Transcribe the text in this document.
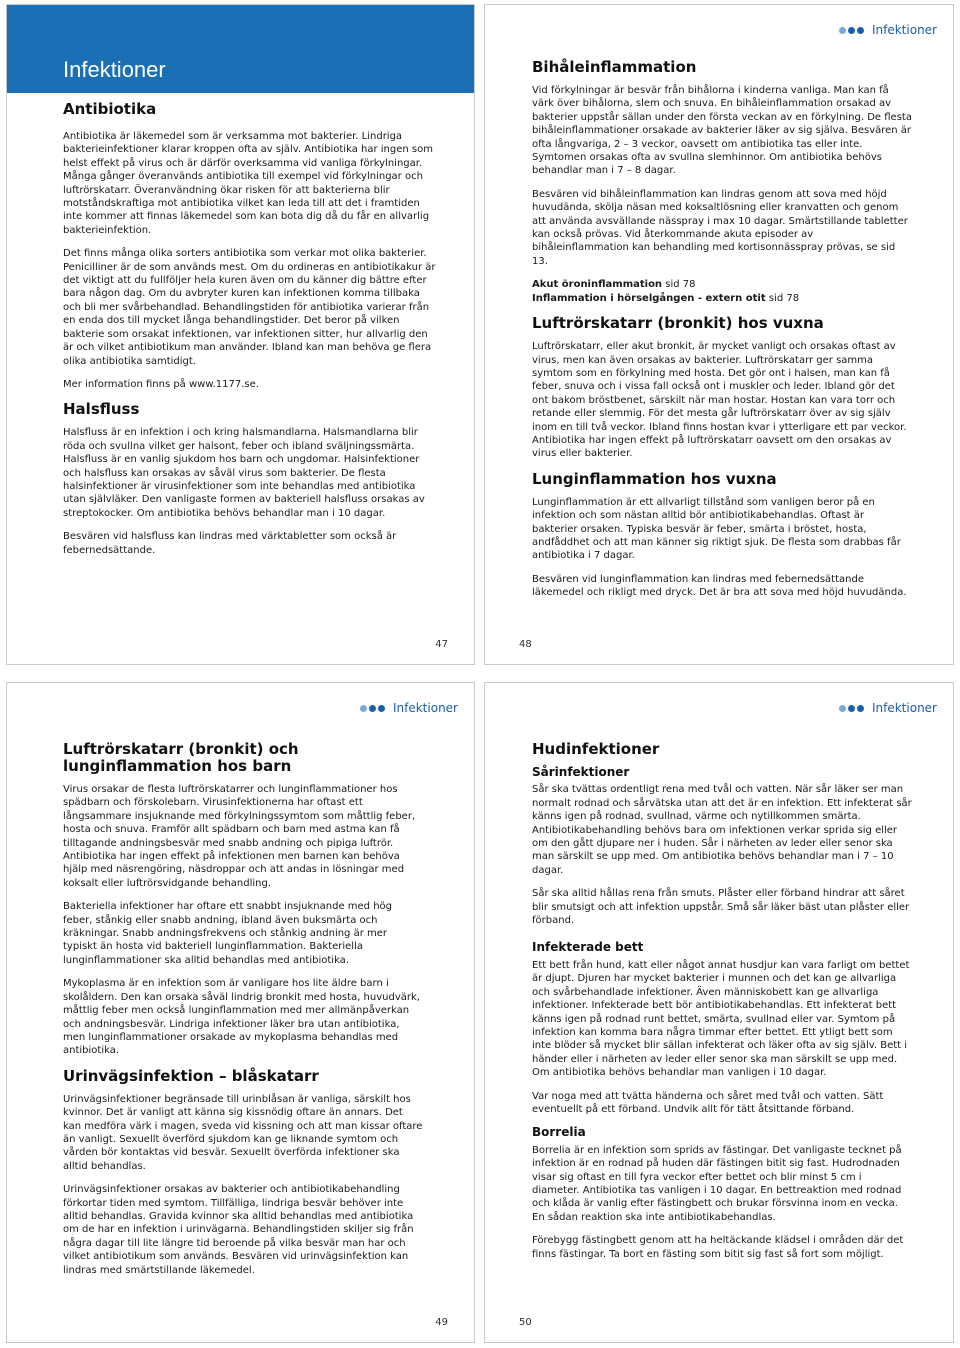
Infektioner
Antibiotika

Antibiotika är läkemedel som är verksamma mot bakterier. Lindriga bakterieinfektioner klarar kroppen ofta av själv. Antibiotika har ingen som helst effekt på virus och är därför overksamma vid vanliga förkylningar. Många gånger överanvänds antibiotika till exempel vid förkylningar och luftrörskatarr. Överanvändning ökar risken för att bakterierna blir motståndskraftiga mot antibiotika vilket kan leda till att det i framtiden inte kommer att finnas läkemedel som kan bota dig då du får en allvarlig bakterieinfektion.

Det finns många olika sorters antibiotika som verkar mot olika bakterier. Penicilliner är de som används mest. Om du ordineras en antibiotikakur är det viktigt att du fullföljer hela kuren även om du känner dig bättre efter bara någon dag. Om du avbryter kuren kan infektionen komma tillbaka och bli mer svårbehandlad. Behandlingstiden för antibiotika varierar från en enda dos till mycket långa behandlingstider. Det beror på vilken bakterie som orsakat infektionen, var infektionen sitter, hur allvarlig den är och vilket antibiotikum man använder. Ibland kan man behöva ge flera olika antibiotika samtidigt.

Mer information finns på www.1177.se.

Halsfluss

Halsfluss är en infektion i och kring halsmandlarna. Halsmandlarna blir röda och svullna vilket ger halsont, feber och ibland sväljningssmärta. Halsfluss är en vanlig sjukdom hos barn och ungdomar. Halsinfektioner och halsfluss kan orsakas av såväl virus som bakterier. De flesta halsinfektioner är virusinfektioner som inte behandlas med antibiotika utan självläker. Den vanligaste formen av bakteriell halsfluss orsakas av streptokocker. Om antibiotika behövs behandlar man i 10 dagar.

Besvären vid halsfluss kan lindras med värktabletter som också är febernedsättande.

47
Infektioner
Bihåleinflammation

Vid förkylningar är besvär från bihålorna i kinderna vanliga. Man kan få värk över bihålorna, slem och snuva. En bihåleinflammation orsakad av bakterier uppstår sällan under den första veckan av en förkylning. De flesta bihåleinflammationer orsakade av bakterier läker av sig själva. Besvären är ofta långvariga, 2 – 3 veckor, oavsett om antibiotika tas eller inte. Symtomen orsakas ofta av svullna slemhinnor. Om antibiotika behövs behandlar man i 7 – 8 dagar.

Besvären vid bihåleinflammation kan lindras genom att sova med höjd huvudända, skölja näsan med koksaltlösning eller kranvatten och genom att använda avsvällande nässpray i max 10 dagar. Smärtstillande tabletter kan också prövas. Vid återkommande akuta episoder av bihåleinflammation kan behandling med kortisonnässpray prövas, se sid 13.

Akut öroninflammation sid 78

Inflammation i hörselgången - extern otit sid 78

Luftrörskatarr (bronkit) hos vuxna

Luftrörskatarr, eller akut bronkit, är mycket vanligt och orsakas oftast av virus, men kan även orsakas av bakterier. Luftrörskatarr ger samma symtom som en förkylning med hosta. Det gör ont i halsen, man kan få feber, snuva och i vissa fall också ont i muskler och leder. Ibland gör det ont bakom bröstbenet, särskilt när man hostar. Hostan kan vara torr och retande eller slemmig. För det mesta går luftrörskatarr över av sig själv inom en till två veckor. Ibland finns hostan kvar i ytterligare ett par veckor. Antibiotika har ingen effekt på luftrörskatarr oavsett om den orsakas av virus eller bakterier.

Lunginflammation hos vuxna

Lunginflammation är ett allvarligt tillstånd som vanligen beror på en infektion och som nästan alltid bör antibiotikabehandlas. Oftast är bakterier orsaken. Typiska besvär är feber, smärta i bröstet, hosta, andfåddhet och att man känner sig riktigt sjuk. De flesta som drabbas får antibiotika i 7 dagar.

Besvären vid lunginflammation kan lindras med febernedsättande läkemedel och rikligt med dryck. Det är bra att sova med höjd huvudända.

48
Infektioner
Luftrörskatarr (bronkit) och lunginflammation hos barn

Virus orsakar de flesta luftrörskatarrer och lunginflammationer hos spädbarn och förskolebarn. Virusinfektionerna har oftast ett långsammare insjuknande med förkylningssymtom som måttlig feber, hosta och snuva. Framför allt spädbarn och barn med astma kan få tilltagande andningsbesvär med snabb andning och pipiga luftrör. Antibiotika har ingen effekt på infektionen men barnen kan behöva hjälp med näsrengöring, näsdroppar och att andas in lösningar med koksalt eller luftrörsvidgande behandling.

Bakteriella infektioner har oftare ett snabbt insjuknande med hög feber, stånkig eller snabb andning, ibland även buksmärta och kräkningar. Snabb andningsfrekvens och stånkig andning är mer typiskt än hosta vid bakteriell lunginflammation. Bakteriella lunginflammationer ska alltid behandlas med antibiotika.

Mykoplasma är en infektion som är vanligare hos lite äldre barn i skolåldern. Den kan orsaka såväl lindrig bronkit med hosta, huvudvärk, måttlig feber men också lunginflammation med mer allmänpåverkan och andningsbesvär. Lindriga infektioner läker bra utan antibiotika, men lunginflammationer orsakade av mykoplasma behandlas med antibiotika.

Urinvägsinfektion – blåskatarr

Urinvägsinfektioner begränsade till urinblåsan är vanliga, särskilt hos kvinnor. Det är vanligt att känna sig kissnödig oftare än annars. Det kan medföra värk i magen, sveda vid kissning och att man kissar oftare än vanligt. Sexuellt överförd sjukdom kan ge liknande symtom och vården bör kontaktas vid besvär. Sexuellt överförda infektioner ska alltid behandlas.

Urinvägsinfektioner orsakas av bakterier och antibiotikabehandling förkortar tiden med symtom. Tillfälliga, lindriga besvär behöver inte alltid behandlas. Gravida kvinnor ska alltid behandlas med antibiotika om de har en infektion i urinvägarna. Behandlingstiden skiljer sig från några dagar till lite längre tid beroende på vilka besvär man har och vilket antibiotikum som används. Besvären vid urinvägsinfektion kan lindras med smärtstillande läkemedel.

49
Infektioner
Hudinfektioner
Sårinfektioner

Sår ska tvättas ordentligt rena med tvål och vatten. När sår läker ser man normalt rodnad och sårvätska utan att det är en infektion. Ett infekterat sår känns igen på rodnad, svullnad, värme och nytillkommen smärta. Antibiotikabehandling behövs bara om infektionen verkar sprida sig eller om den gått djupare ner i huden. Sår i närheten av leder eller senor ska man särskilt se upp med. Om antibiotika behövs behandlar man i 7 – 10 dagar.

Sår ska alltid hållas rena från smuts. Plåster eller förband hindrar att såret blir smutsigt och att infektion uppstår. Små sår läker bäst utan plåster eller förband.

Infekterade bett

Ett bett från hund, katt eller något annat husdjur kan vara farligt om bettet är djupt. Djuren har mycket bakterier i munnen och det kan ge allvarliga och svårbehandlade infektioner. Även människobett kan ge allvarliga infektioner. Infekterade bett bör antibiotikabehandlas. Ett infekterat bett känns igen på rodnad runt bettet, smärta, svullnad eller var. Symtom på infektion kan komma bara några timmar efter bettet. Ett ytligt bett som inte blöder så mycket blir sällan infekterat och läker ofta av sig själv. Bett i händer eller i närheten av leder eller senor ska man särskilt se upp med. Om antibiotika behövs behandlar man vanligen i 10 dagar.

Var noga med att tvätta händerna och såret med tvål och vatten. Sätt eventuellt på ett förband. Undvik allt för tätt åtsittande förband.

Borrelia

Borrelia är en infektion som sprids av fästingar. Det vanligaste tecknet på infektion är en rodnad på huden där fästingen bitit sig fast. Hudrodnaden visar sig oftast en till fyra veckor efter bettet och blir minst 5 cm i diameter. Antibiotika tas vanligen i 10 dagar. En bettreaktion med rodnad och klåda är vanlig efter fästingbett och brukar försvinna inom en vecka. En sådan reaktion ska inte antibiotikabehandlas.

Förebygg fästingbett genom att ha heltäckande klädsel i områden där det finns fästingar. Ta bort en fästing som bitit sig fast så fort som möjligt.

50
